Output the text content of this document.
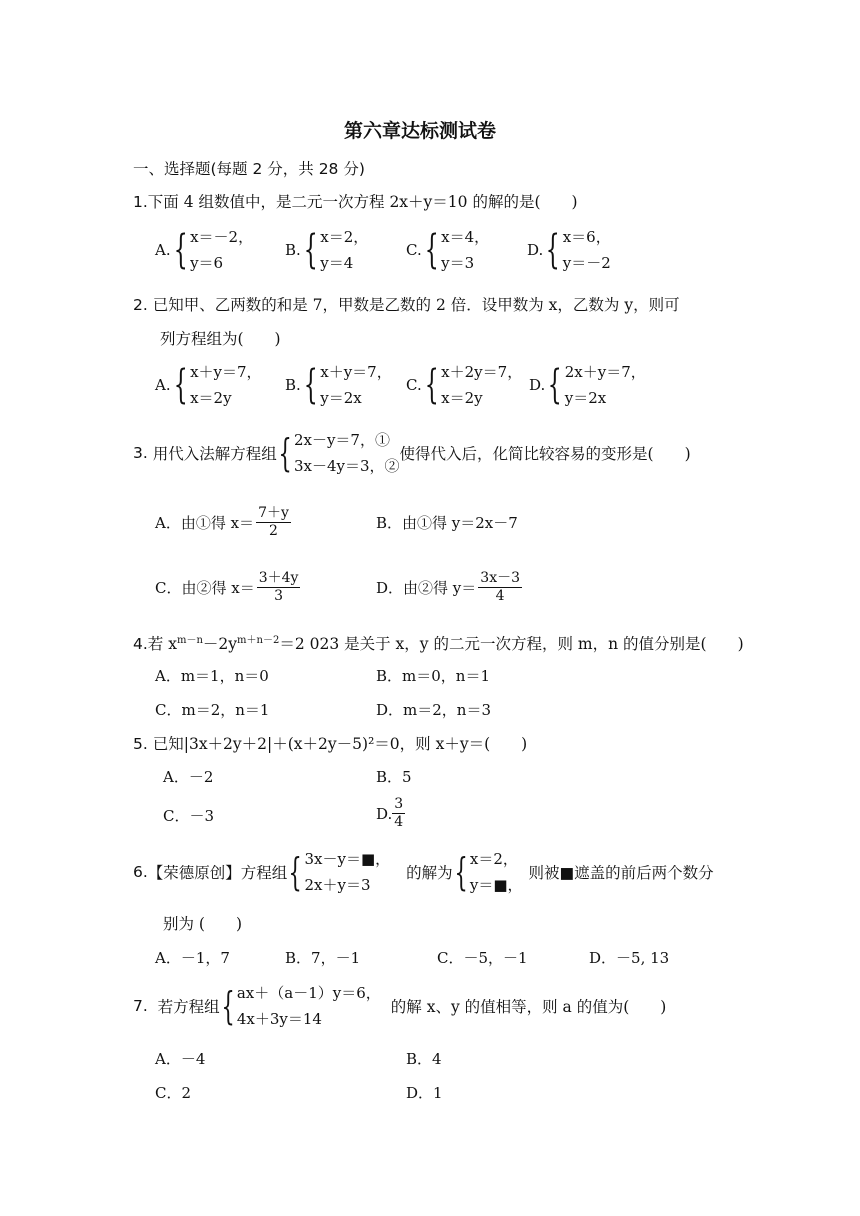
第六章达标测试卷
一、选择题(每题 2 分，共 28 分)
1.下面 4 组数值中，是二元一次方程 2x＋y＝10 的解的是(　　)
A. { x＝－2，
y＝6
B. { x＝2，
y＝4
C. { x＝4，
y＝3
D. { x＝6，
y＝－2
2. 已知甲、乙两数的和是 7，甲数是乙数的 2 倍．设甲数为 x，乙数为 y，则可
列方程组为(　　)
A. { x＋y＝7，
x＝2y
B. { x＋y＝7，
y＝2x
C. { x＋2y＝7，
x＝2y
D. { 2x＋y＝7，
y＝2x
3.
用代入法解方程组 { 2x－y＝7，①
3x－4y＝3，②
使得代入后，化简比较容易的变形是(　　)
A．由①得 $x= \frac{7+y}{2}$	B．由①得 y＝2x－7
C．由②得 $x= \frac{3+4y}{3}$	D．由②得 $y= \frac{3x-3}{4}$
4.若 $x^{m-n}-2y^{m+n-2}=2$ 023 是关于 x，y 的二元一次方程，则 m，n 的值分别是(　　)
A．m＝1，n＝0	B．m＝0，n＝1
C．m＝2，n＝1	D．m＝2，n＝3
5. 已知|3x＋2y＋2|＋(x＋2y－5)²＝0，则 x＋y＝(　　)
A．－2	B．5
C．－3	D. $\frac{3}{4}$
6. 【荣德原创】方程组 { 3x－y＝■，
2x＋y＝3
的解为 { x＝2，
y＝■，
则被■遮盖的前后两个数分
别为 (　　)
A．－1，7	B．7，－1	C．－5，－1	D．－5, 13
7.
若方程组 { ax＋（a－1）y＝6，
4x＋3y＝14
的解 x、y 的值相等，则 a 的值为(　　)
A．－4	B．4
C．2	D．1
